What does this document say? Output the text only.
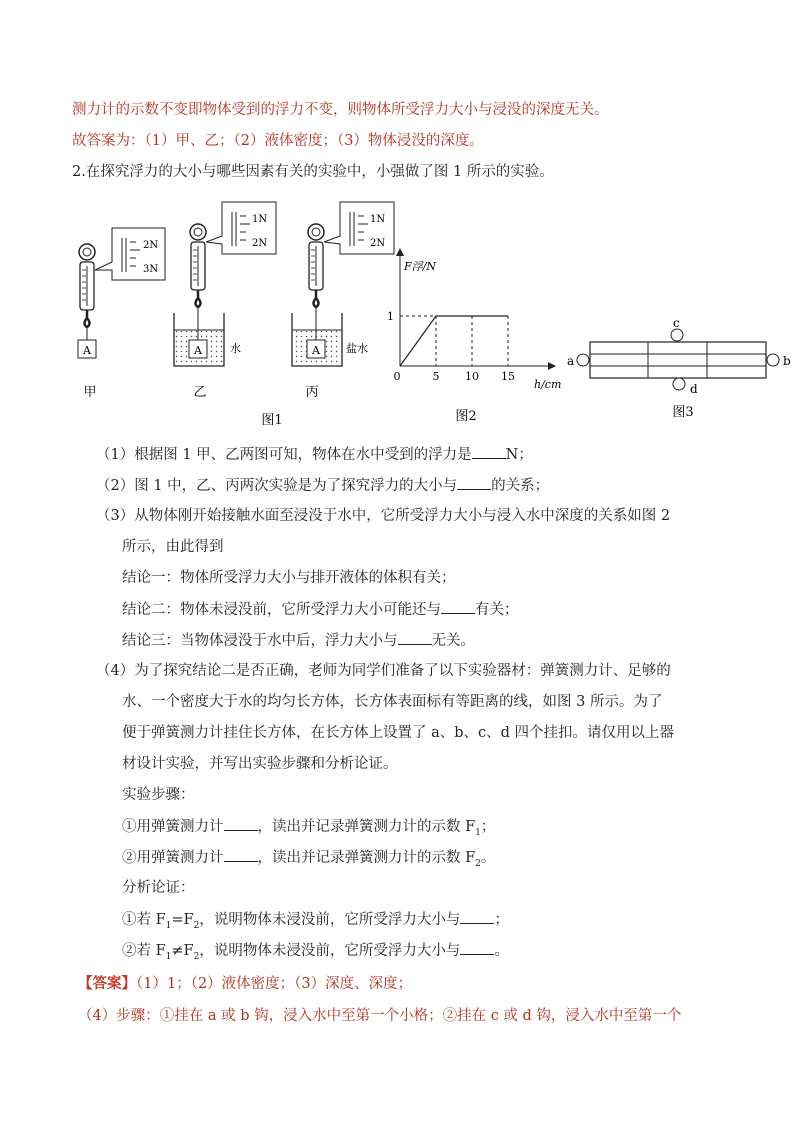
测力计的示数不变即物体受到的浮力不变，则物体所受浮力大小与浸没的深度无关。
故答案为：（1）甲、乙；（2）液体密度；（3）物体浸没的深度。
2.在探究浮力的大小与哪些因素有关的实验中，小强做了图 1 所示的实验。
A
2N
3N
甲
A	水
1N
2N
乙
A 盐水
1N
2N
丙
图1
F浮/N
h/cm
0	5 10 15
1
图2
a	b
c
d
图3
（1）根据图 1 甲、乙两图可知，物体在水中受到的浮力是 N；
（2）图 1 中，乙、丙两次实验是为了探究浮力的大小与 的关系；
（3）从物体刚开始接触水面至浸没于水中，它所受浮力大小与浸入水中深度的关系如图 2
所示，由此得到
结论一：物体所受浮力大小与排开液体的体积有关；
结论二：物体未浸没前，它所受浮力大小可能还与 有关；
结论三：当物体浸没于水中后，浮力大小与 无关。
（4）为了探究结论二是否正确，老师为同学们准备了以下实验器材：弹簧测力计、足够的
水、一个密度大于水的均匀长方体，长方体表面标有等距离的线，如图 3 所示。为了
便于弹簧测力计挂住长方体，在长方体上设置了 a、b、c、d 四个挂扣。请仅用以上器
材设计实验，并写出实验步骤和分析论证。
实验步骤：
①用弹簧测力计 ，读出并记录弹簧测力计的示数 $F_1$；
②用弹簧测力计 ，读出并记录弹簧测力计的示数 $F_2$。
分析论证：
①若 $F_1=F_2$，说明物体未浸没前，它所受浮力大小与 ；
②若 $F_1\ne F_2$，说明物体未浸没前，它所受浮力大小与 。
【答案】（1）1；（2）液体密度；（3）深度、深度；
（4）步骤：①挂在 a 或 b 钩，浸入水中至第一个小格；②挂在 c 或 d 钩，浸入水中至第一个
